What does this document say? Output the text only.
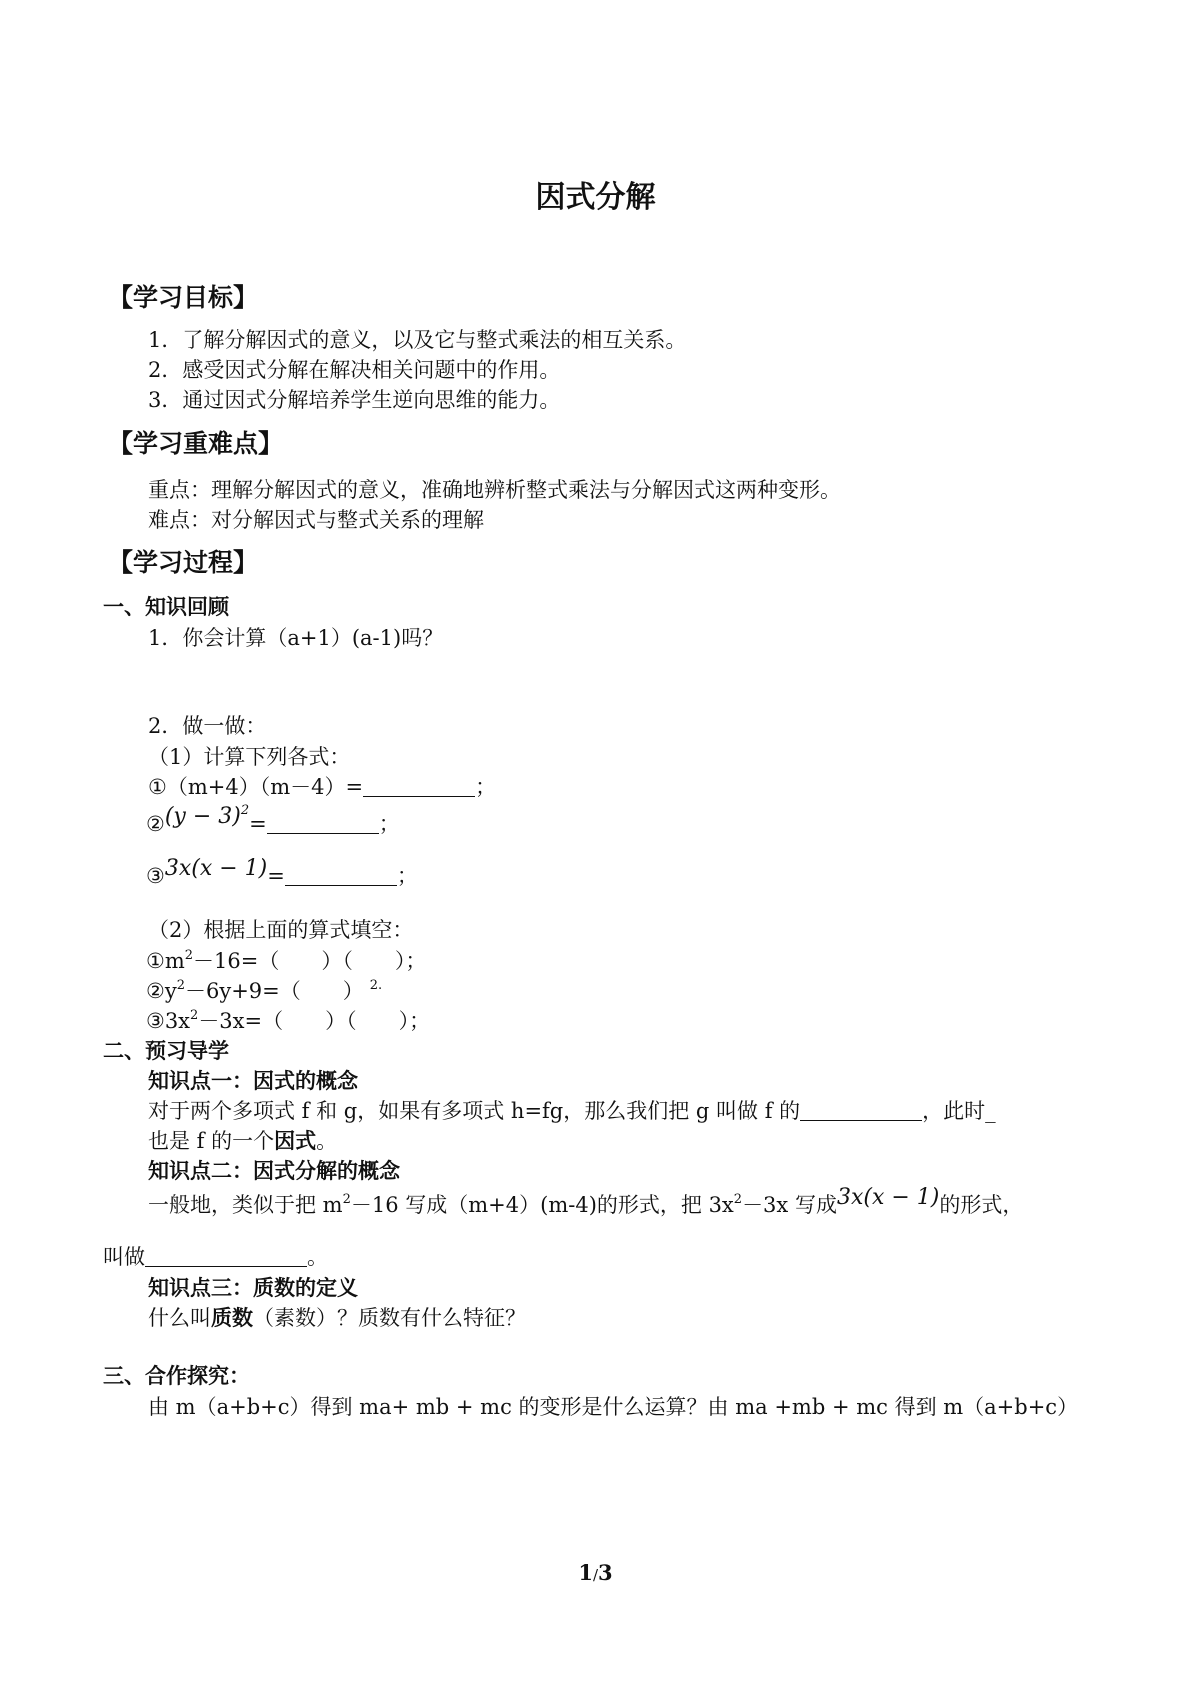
因式分解
【学习目标】
1．了解分解因式的意义，以及它与整式乘法的相互关系。
2．感受因式分解在解决相关问题中的作用。
3．通过因式分解培养学生逆向思维的能力。
【学习重难点】
重点：理解分解因式的意义，准确地辨析整式乘法与分解因式这两种变形。
难点：对分解因式与整式关系的理解
【学习过程】
一、知识回顾
1．你会计算（a+1）(a-1)吗？
2．做一做：
（1）计算下列各式：
①（m+4）（m－4）=	；
②(y − 3)$^2$=	；
③3x(x − 1)=	；
（2）根据上面的算式填空：
$①m^2-16=$（　　）（　　）；
$②y^2-6y+9=$（　　） $^{2.}$
$③3x^2-3x=$（　　）（　　）；
二、预习导学
知识点一：因式的概念
对于两个多项式 f 和 g，如果有多项式 h=fg，那么我们把 g 叫做 f 的	，此时_
也是 f 的一个因式。
知识点二：因式分解的概念
一般地，类似于把 $m^2-16$ 写成（m+4）(m-4)的形式，把 $3x^2-3x$ 写成3x(x − 1)的形式，
叫做	。
知识点三：质数的定义
什么叫质数（素数）？质数有什么特征？
三、合作探究：
由 m（a+b+c）得到 ma+ mb + mc 的变形是什么运算？由 ma +mb + mc 得到 m（a+b+c）
1/3
